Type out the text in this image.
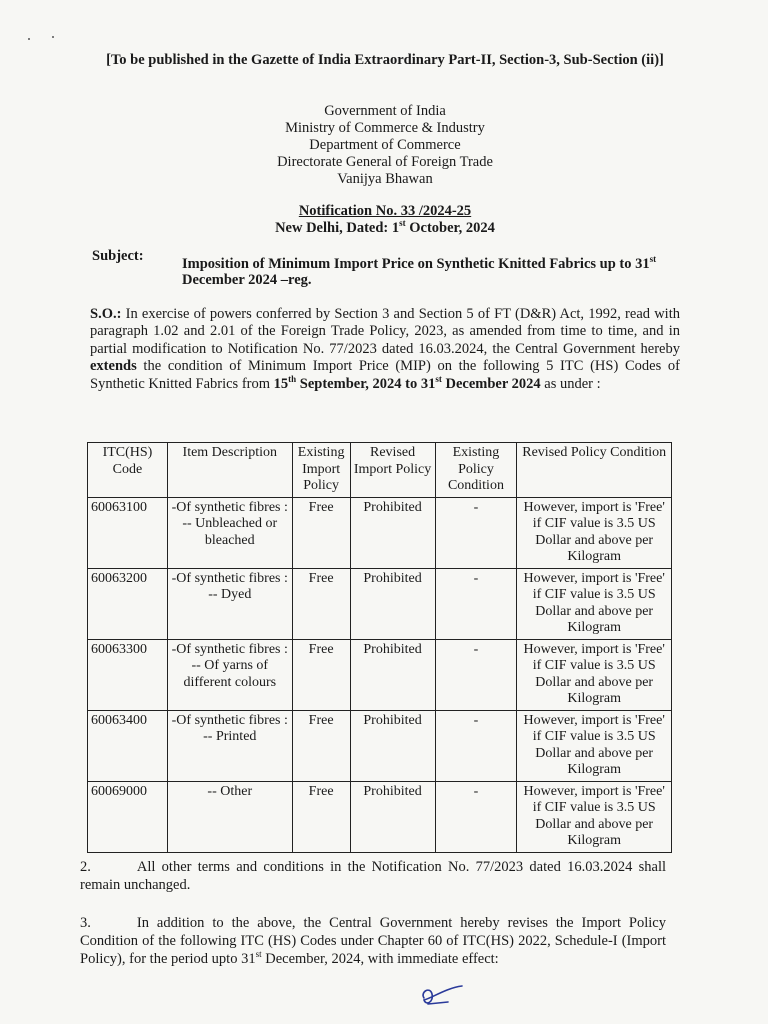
[To be published in the Gazette of India Extraordinary Part-II, Section-3, Sub-Section (ii)]
Government of India
Ministry of Commerce & Industry
Department of Commerce
Directorate General of Foreign Trade
Vanijya Bhawan
Notification No. 33 /2024-25
New Delhi, Dated: 1st October, 2024
Subject:	Imposition of Minimum Import Price on Synthetic Knitted Fabrics up to 31st December 2024 –reg.
S.O.: In exercise of powers conferred by Section 3 and Section 5 of FT (D&R) Act, 1992, read with paragraph 1.02 and 2.01 of the Foreign Trade Policy, 2023, as amended from time to time, and in partial modification to Notification No. 77/2023 dated 16.03.2024, the Central Government hereby extends the condition of Minimum Import Price (MIP) on the following 5 ITC (HS) Codes of Synthetic Knitted Fabrics from 15th September, 2024 to 31st December 2024 as under :
ITC(HS) Code	Item Description	Existing Import Policy	Revised Import Policy	Existing Policy Condition	Revised Policy Condition
60063100	-Of synthetic fibres : -- Unbleached or bleached	Free	Prohibited	-	However, import is 'Free' if CIF value is 3.5 US Dollar and above per Kilogram
60063200	-Of synthetic fibres : -- Dyed	Free	Prohibited	-	However, import is 'Free' if CIF value is 3.5 US Dollar and above per Kilogram
60063300	-Of synthetic fibres : -- Of yarns of different colours	Free	Prohibited	-	However, import is 'Free' if CIF value is 3.5 US Dollar and above per Kilogram
60063400	-Of synthetic fibres : -- Printed	Free	Prohibited	-	However, import is 'Free' if CIF value is 3.5 US Dollar and above per Kilogram
60069000	-- Other	Free	Prohibited	-	However, import is 'Free' if CIF value is 3.5 US Dollar and above per Kilogram
2.	All other terms and conditions in the Notification No. 77/2023 dated 16.03.2024 shall remain unchanged.
3.	In addition to the above, the Central Government hereby revises the Import Policy Condition of the following ITC (HS) Codes under Chapter 60 of ITC(HS) 2022, Schedule-I (Import Policy), for the period upto 31st December, 2024, with immediate effect:
